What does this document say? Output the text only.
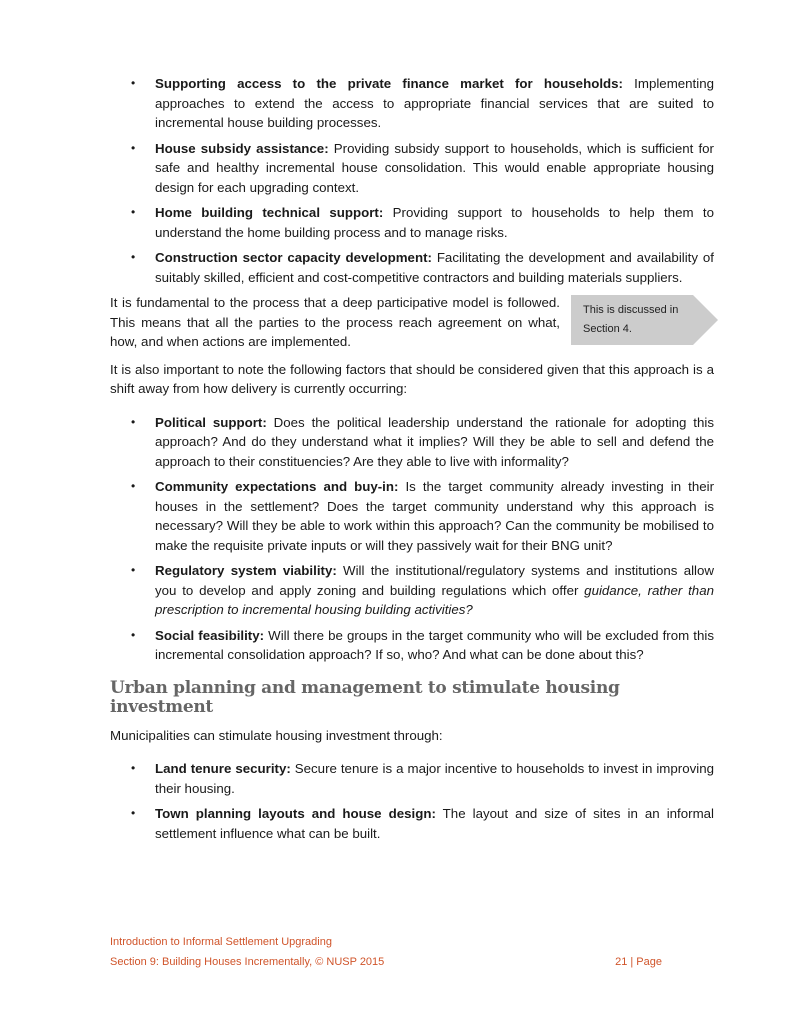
• Supporting access to the private finance market for households: Implementing approaches to extend the access to appropriate financial services that are suited to incremental house building processes.
• House subsidy assistance: Providing subsidy support to households, which is sufficient for safe and healthy incremental house consolidation. This would enable appropriate housing design for each upgrading context.
• Home building technical support: Providing support to households to help them to understand the home building process and to manage risks.
• Construction sector capacity development: Facilitating the development and availability of suitably skilled, efficient and cost-competitive contractors and building materials suppliers.

It is fundamental to the process that a deep participative model is followed. This means that all the parties to the process reach agreement on what, how, and when actions are implemented.

This is discussed in
Section 4.

It is also important to note the following factors that should be considered given that this approach is a shift away from how delivery is currently occurring:

• Political support: Does the political leadership understand the rationale for adopting this approach? And do they understand what it implies? Will they be able to sell and defend the approach to their constituencies? Are they able to live with informality?
• Community expectations and buy-in: Is the target community already investing in their houses in the settlement? Does the target community understand why this approach is necessary? Will they be able to work within this approach? Can the community be mobilised to make the requisite private inputs or will they passively wait for their BNG unit?
• Regulatory system viability: Will the institutional/regulatory systems and institutions allow you to develop and apply zoning and building regulations which offer guidance, rather than prescription to incremental housing building activities?
• Social feasibility: Will there be groups in the target community who will be excluded from this incremental consolidation approach? If so, who? And what can be done about this?
Urban planning and management to stimulate housing investment

Municipalities can stimulate housing investment through:

• Land tenure security: Secure tenure is a major incentive to households to invest in improving their housing.
• Town planning layouts and house design: The layout and size of sites in an informal settlement influence what can be built.
Introduction to Informal Settlement Upgrading
Section 9: Building Houses Incrementally, © NUSP 2015	21 | Page
